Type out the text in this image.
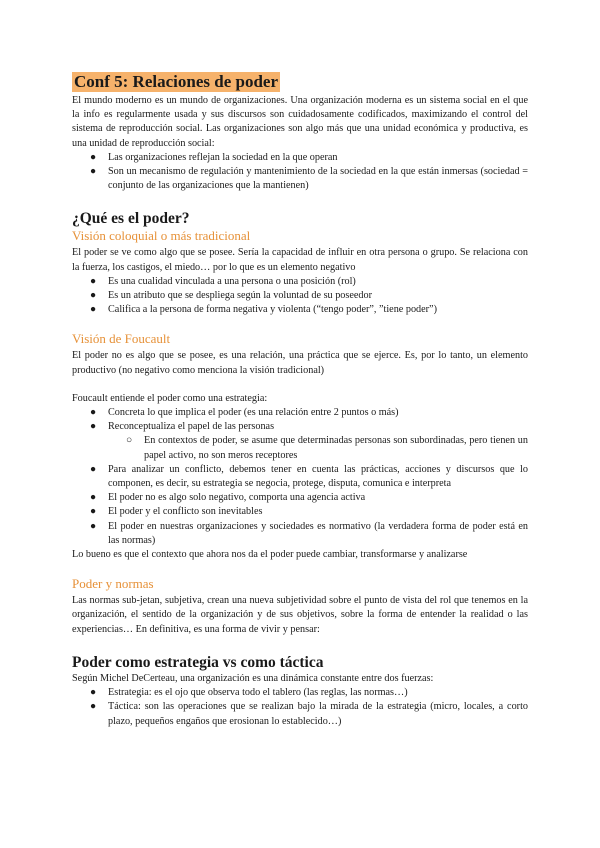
Conf 5: Relaciones de poder

El mundo moderno es un mundo de organizaciones. Una organización moderna es un sistema social en el que la info es regularmente usada y sus discursos son cuidadosamente codificados, maximizando el control del sistema de reproducción social. Las organizaciones son algo más que una unidad económica y productiva, es una unidad de reproducción social:

● Las organizaciones reflejan la sociedad en la que operan
● Son un mecanismo de regulación y mantenimiento de la sociedad en la que están inmersas (sociedad = conjunto de las organizaciones que la mantienen)
¿Qué es el poder?
Visión coloquial o más tradicional

El poder se ve como algo que se posee. Sería la capacidad de influir en otra persona o grupo. Se relaciona con la fuerza, los castigos, el miedo… por lo que es un elemento negativo

● Es una cualidad vinculada a una persona o una posición (rol)
● Es un atributo que se despliega según la voluntad de su poseedor
● Califica a la persona de forma negativa y violenta (“tengo poder”, ”tiene poder”)
Visión de Foucault

El poder no es algo que se posee, es una relación, una práctica que se ejerce. Es, por lo tanto, un elemento productivo (no negativo como menciona la visión tradicional)

Foucault entiende el poder como una estrategia:

● Concreta lo que implica el poder (es una relación entre 2 puntos o más)
● Reconceptualiza el papel de las personas
○ En contextos de poder, se asume que determinadas personas son subordinadas, pero tienen un papel activo, no son meros receptores
● Para analizar un conflicto, debemos tener en cuenta las prácticas, acciones y discursos que lo componen, es decir, su estrategia se negocia, protege, disputa, comunica e interpreta
● El poder no es algo solo negativo, comporta una agencia activa
● El poder y el conflicto son inevitables
● El poder en nuestras organizaciones y sociedades es normativo (la verdadera forma de poder está en las normas)

Lo bueno es que el contexto que ahora nos da el poder puede cambiar, transformarse y analizarse

Poder y normas

Las normas sub-jetan, subjetiva, crean una nueva subjetividad sobre el punto de vista del rol que tenemos en la organización, el sentido de la organización y de sus objetivos, sobre la forma de entender la realidad o las experiencias… En definitiva, es una forma de vivir y pensar:

Poder como estrategia vs como táctica

Según Michel DeCerteau, una organización es una dinámica constante entre dos fuerzas:

● Estrategia: es el ojo que observa todo el tablero (las reglas, las normas…)
● Táctica: son las operaciones que se realizan bajo la mirada de la estrategia (micro, locales, a corto plazo, pequeños engaños que erosionan lo establecido…)
